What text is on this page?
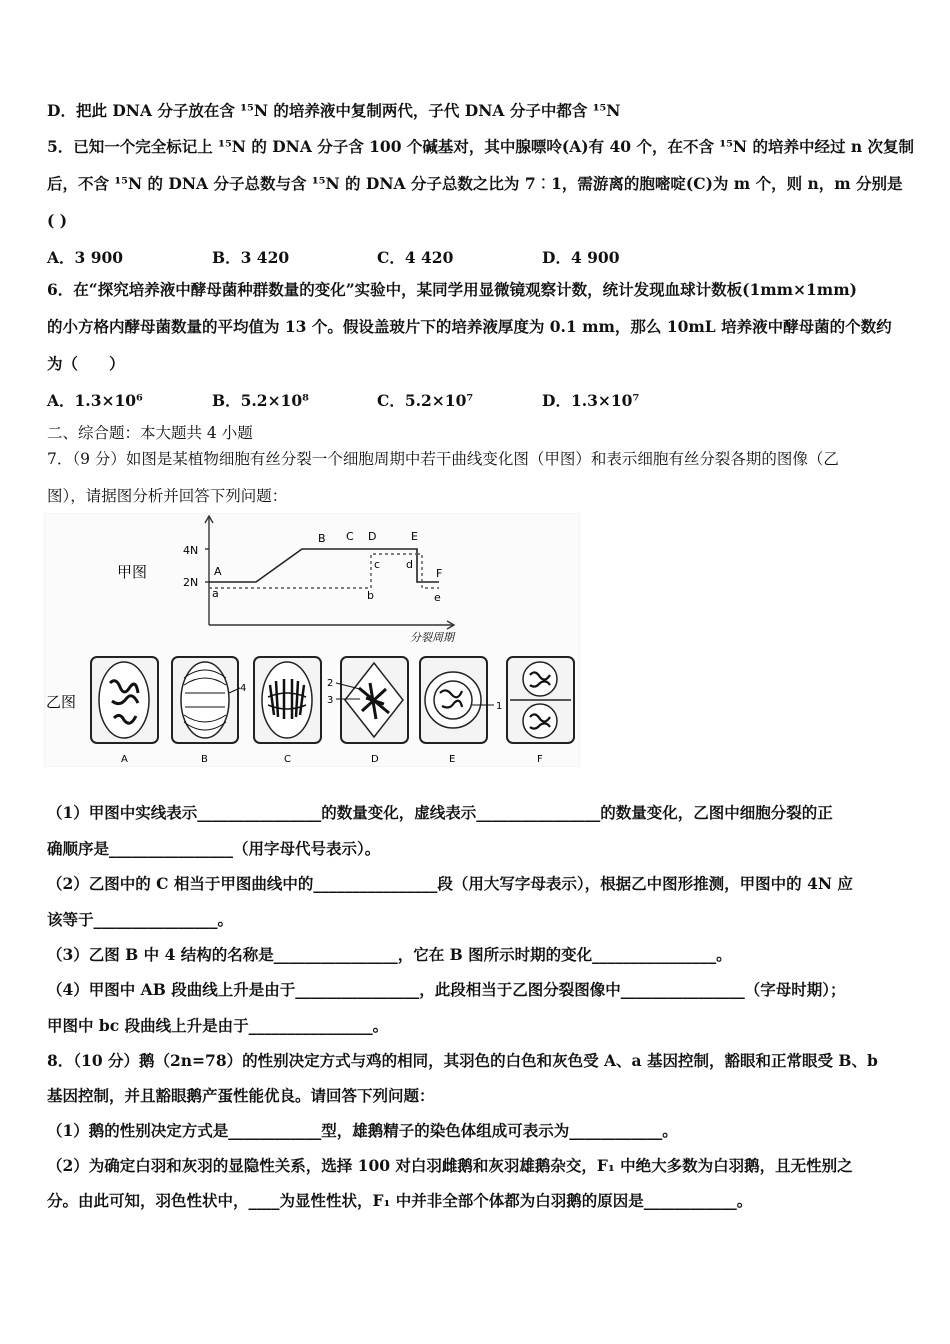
D．把此 DNA 分子放在含 ¹⁵N 的培养液中复制两代，子代 DNA 分子中都含 ¹⁵N
5．已知一个完全标记上 ¹⁵N 的 DNA 分子含 100 个碱基对，其中腺嘌呤(A)有 40 个，在不含 ¹⁵N 的培养中经过 n 次复制
后，不含 ¹⁵N 的 DNA 分子总数与含 ¹⁵N 的 DNA 分子总数之比为 7︰1，需游离的胞嘧啶(C)为 m 个，则 n，m 分别是
( )
A．3 900	B．3 420	C．4 420	D．4 900
6．在“探究培养液中酵母菌种群数量的变化”实验中，某同学用显微镜观察计数，统计发现血球计数板(1mm×1mm)
的小方格内酵母菌数量的平均值为 13 个。假设盖玻片下的培养液厚度为 0.1 mm，那么 10mL 培养液中酵母菌的个数约
为（　　）
A．1.3×10⁶	B．5.2×10⁸	C．5.2×10⁷	D．1.3×10⁷
二、综合题：本大题共 4 小题
7．（9 分）如图是某植物细胞有丝分裂一个细胞周期中若干曲线变化图（甲图）和表示细胞有丝分裂各期的图像（乙
图），请据图分析并回答下列问题：
甲图
4N
2N
A
B C D	E
F
a	b
c d
e
分裂周期
乙图
4	2
3
1
A	B	C	D	E	F
（1）甲图中实线表示________________的数量变化，虚线表示________________的数量变化，乙图中细胞分裂的正
确顺序是________________（用字母代号表示）。
（2）乙图中的 C 相当于甲图曲线中的________________段（用大写字母表示），根据乙中图形推测，甲图中的 4N 应
该等于________________。
（3）乙图 B 中 4 结构的名称是________________，它在 B 图所示时期的变化________________。
（4）甲图中 AB 段曲线上升是由于________________，此段相当于乙图分裂图像中________________（字母时期）；
甲图中 bc 段曲线上升是由于________________。
8．（10 分）鹅（2n=78）的性别决定方式与鸡的相同，其羽色的白色和灰色受 A、a 基因控制，豁眼和正常眼受 B、b
基因控制，并且豁眼鹅产蛋性能优良。请回答下列问题：
（1）鹅的性别决定方式是____________型，雄鹅精子的染色体组成可表示为____________。
（2）为确定白羽和灰羽的显隐性关系，选择 100 对白羽雌鹅和灰羽雄鹅杂交，F₁ 中绝大多数为白羽鹅，且无性别之
分。由此可知，羽色性状中，____为显性性状，F₁ 中并非全部个体都为白羽鹅的原因是____________。
